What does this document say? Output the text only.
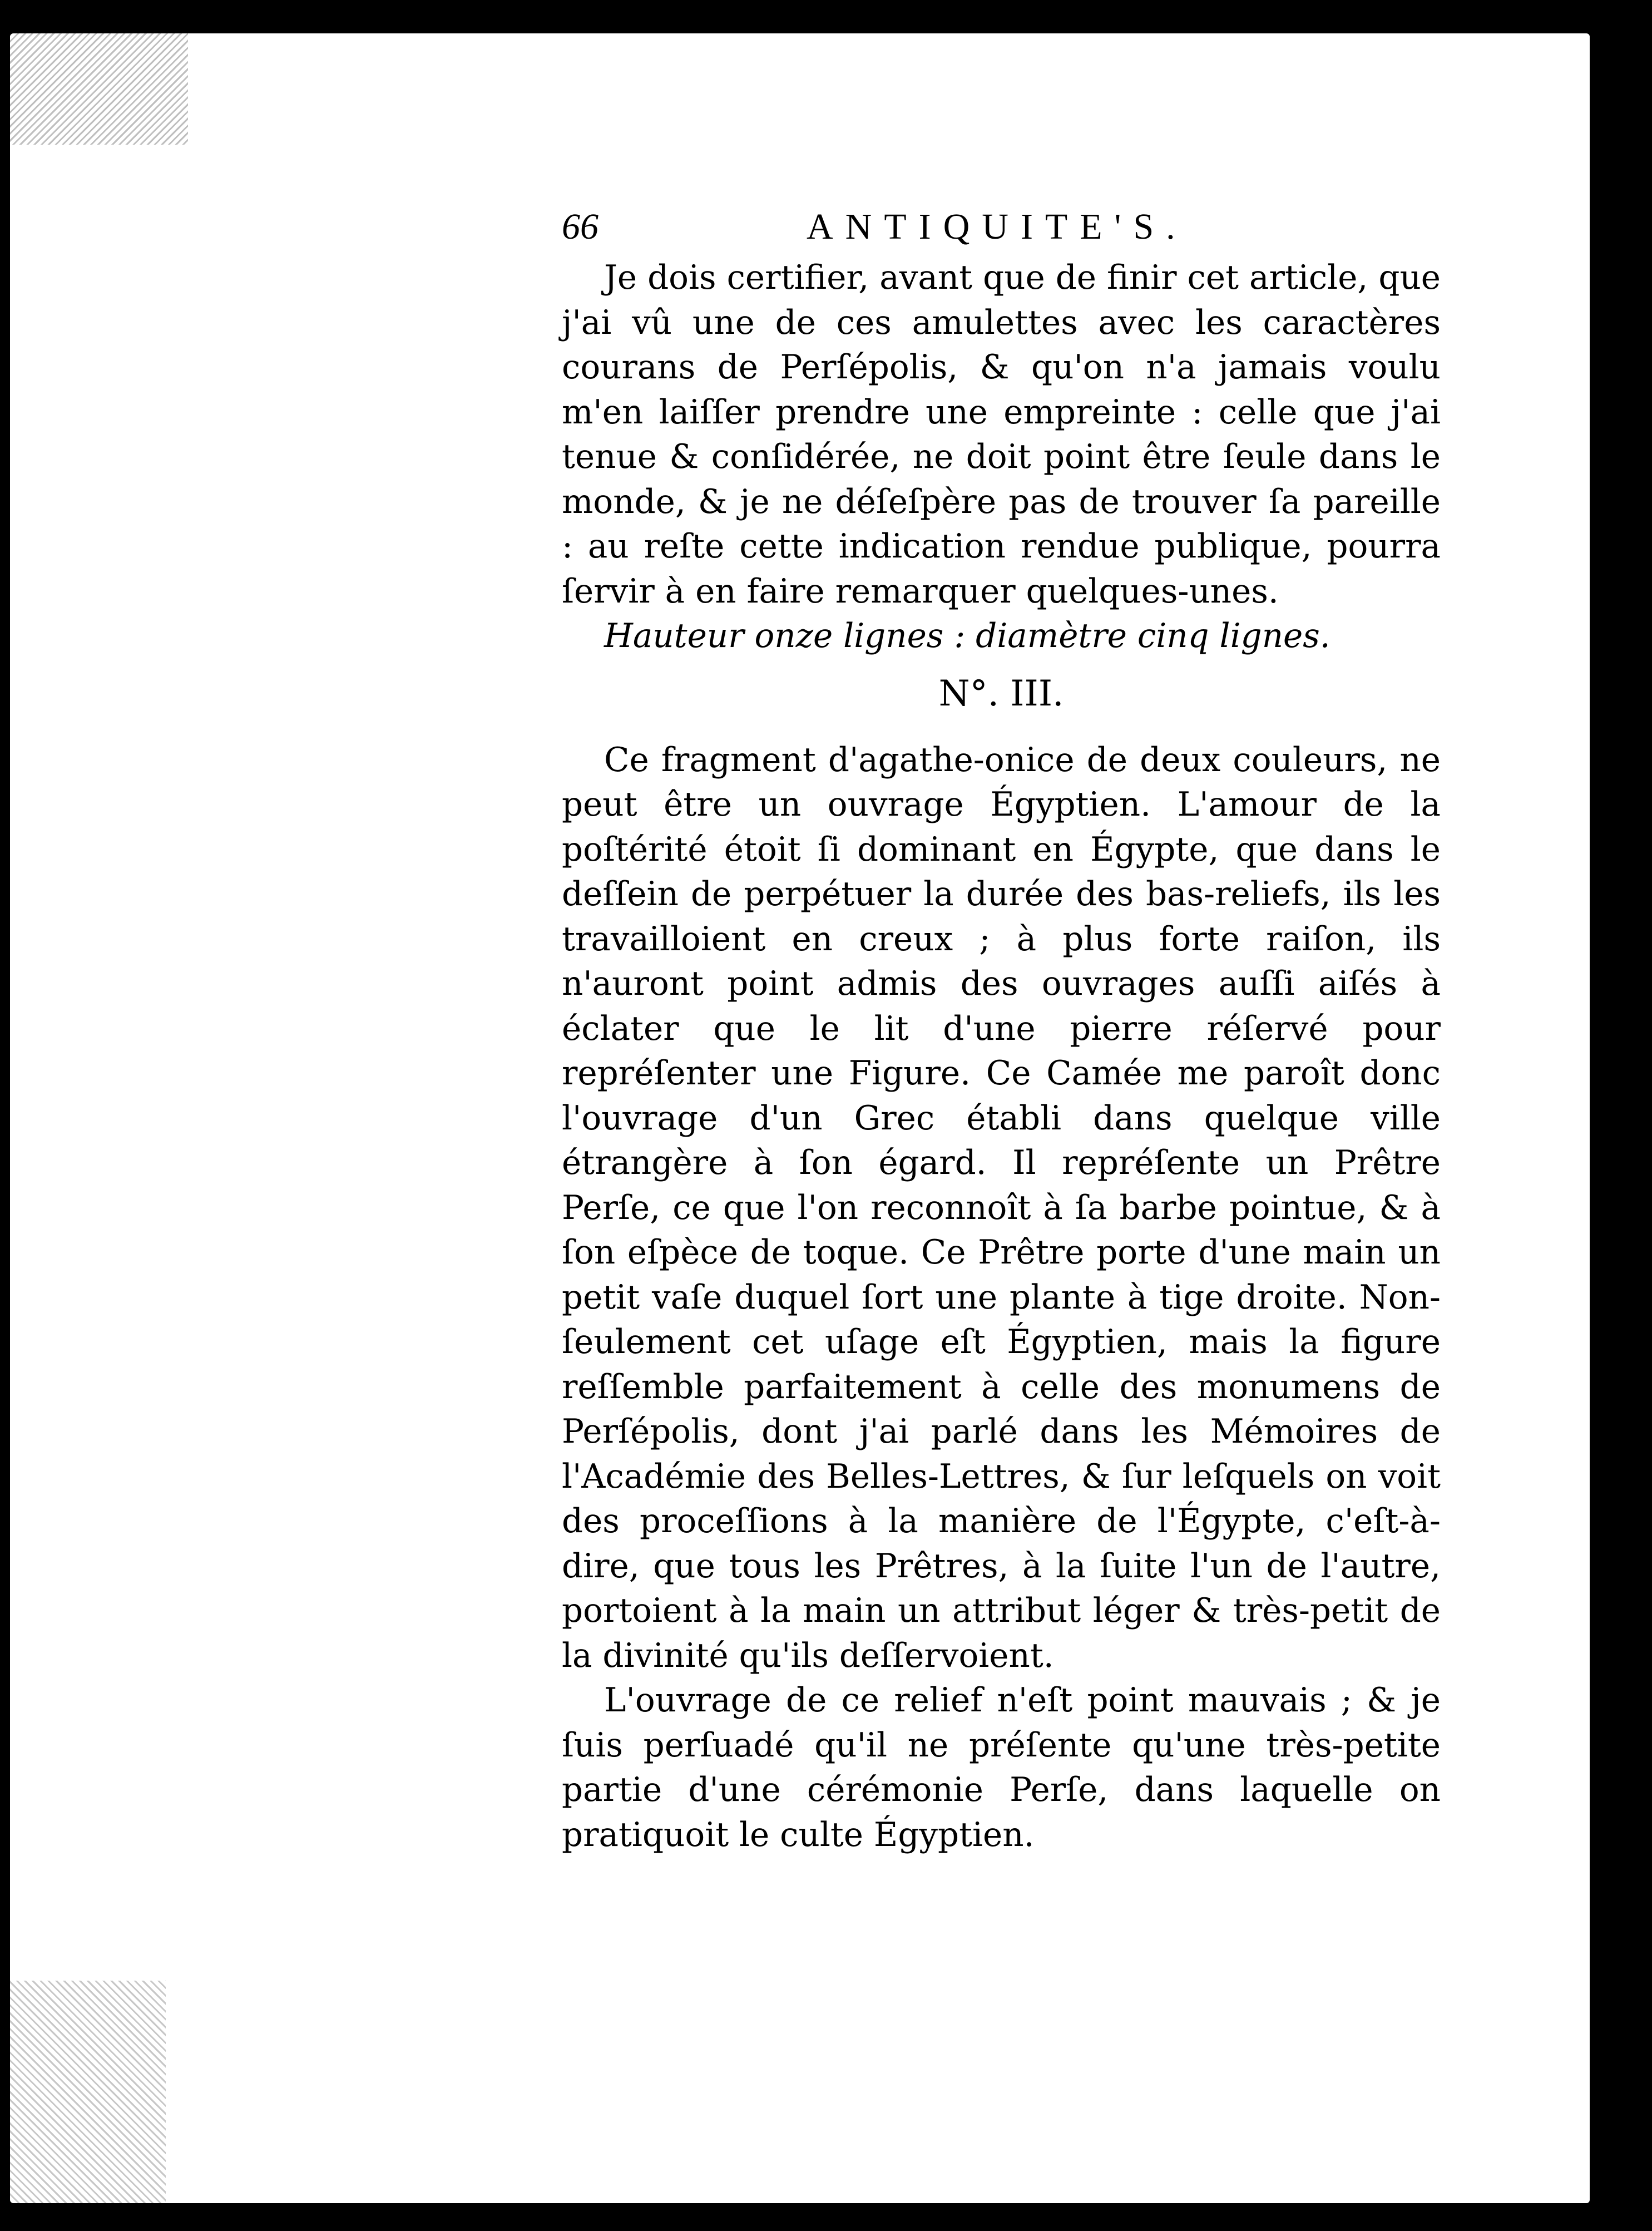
66	ANTIQUITE'S.

Je dois certifier, avant que de finir cet article, que j'ai vû une de ces amulettes avec les caractères courans de Perſépolis, & qu'on n'a jamais voulu m'en laiſſer prendre une empreinte : celle que j'ai tenue & conſidérée, ne doit point être ſeule dans le monde, & je ne déſeſpère pas de trouver ſa pareille : au reſte cette indication rendue publique, pourra ſervir à en faire remarquer quelques-unes.

Hauteur onze lignes : diamètre cinq lignes.

N°. III.

Ce fragment d'agathe-onice de deux couleurs, ne peut être un ouvrage Égyptien. L'amour de la poſtérité étoit ſi dominant en Égypte, que dans le deſſein de perpétuer la durée des bas-reliefs, ils les travailloient en creux ; à plus forte raiſon, ils n'auront point admis des ouvrages auſſi aiſés à éclater que le lit d'une pierre réſervé pour repréſenter une Figure. Ce Camée me paroît donc l'ouvrage d'un Grec établi dans quelque ville étrangère à ſon égard. Il repréſente un Prêtre Perſe, ce que l'on reconnoît à ſa barbe pointue, & à ſon eſpèce de toque. Ce Prêtre porte d'une main un petit vaſe duquel ſort une plante à tige droite. Non-ſeulement cet uſage eſt Égyptien, mais la figure reſſemble parfaitement à celle des monumens de Perſépolis, dont j'ai parlé dans les Mémoires de l'Académie des Belles-Lettres, & ſur leſquels on voit des proceſſions à la manière de l'Égypte, c'eſt-à-dire, que tous les Prêtres, à la ſuite l'un de l'autre, portoient à la main un attribut léger & très-petit de la divinité qu'ils deſſervoient.

L'ouvrage de ce relief n'eſt point mauvais ; & je ſuis perſuadé qu'il ne préſente qu'une très-petite partie d'une cérémonie Perſe, dans laquelle on pratiquoit le culte Égyptien.
